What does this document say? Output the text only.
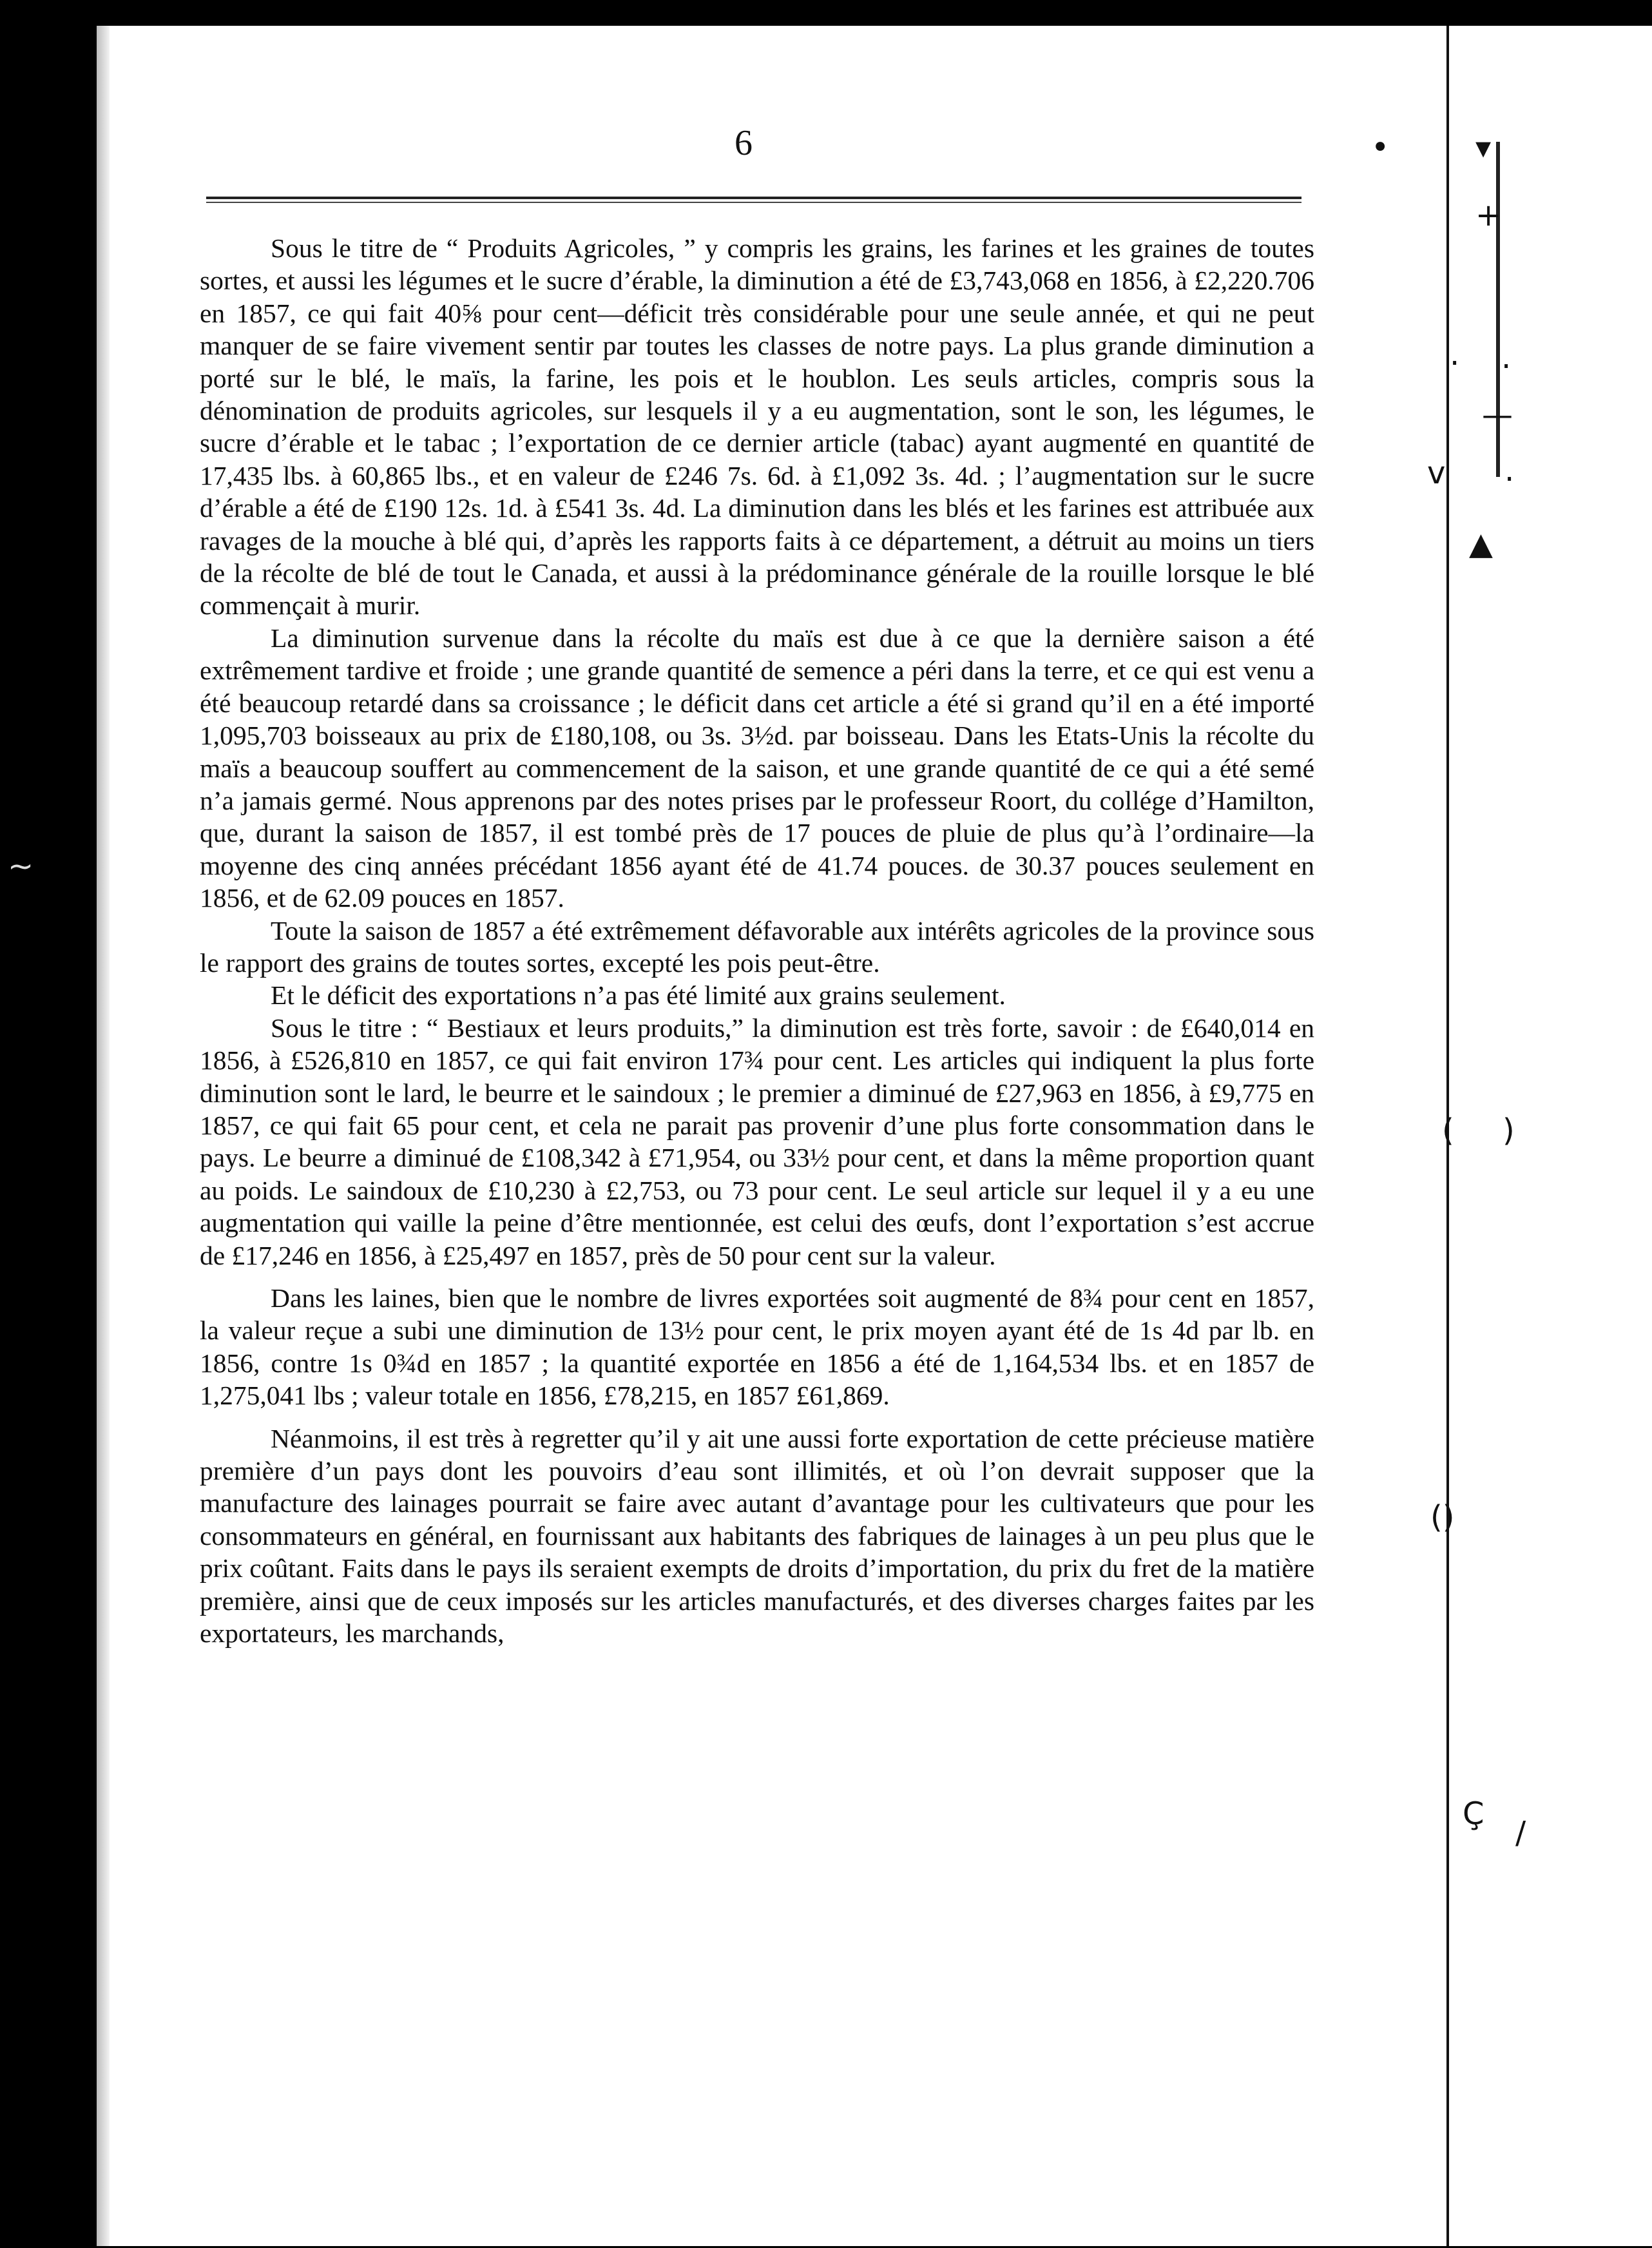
•	▾
+
· ·
—
v ·
▲
( )
()
Ç
/
~
6

Sous le titre de “ Produits Agricoles, ” y compris les grains, les farines et les graines de toutes sortes, et aussi les légumes et le sucre d’érable, la diminution a été de £3,743,068 en 1856, à £2,220.706 en 1857, ce qui fait 40⅝ pour cent—déficit très considérable pour une seule année, et qui ne peut manquer de se faire vivement sentir par toutes les classes de notre pays. La plus grande diminution a porté sur le blé, le maïs, la farine, les pois et le houblon. Les seuls articles, compris sous la dénomination de produits agricoles, sur lesquels il y a eu augmentation, sont le son, les légumes, le sucre d’érable et le tabac ; l’exportation de ce dernier article (tabac) ayant augmenté en quantité de 17,435 lbs. à 60,865 lbs., et en valeur de £246 7s. 6d. à £1,092 3s. 4d. ; l’augmentation sur le sucre d’érable a été de £190 12s. 1d. à £541 3s. 4d. La diminution dans les blés et les farines est attribuée aux ravages de la mouche à blé qui, d’après les rapports faits à ce département, a détruit au moins un tiers de la récolte de blé de tout le Canada, et aussi à la prédominance générale de la rouille lorsque le blé commençait à murir.

La diminution survenue dans la récolte du maïs est due à ce que la dernière saison a été extrêmement tardive et froide ; une grande quantité de semence a péri dans la terre, et ce qui est venu a été beaucoup retardé dans sa croissance ; le déficit dans cet article a été si grand qu’il en a été importé 1,095,703 boisseaux au prix de £180,108, ou 3s. 3½d. par boisseau. Dans les Etats-Unis la récolte du maïs a beaucoup souffert au commencement de la saison, et une grande quantité de ce qui a été semé n’a jamais germé. Nous apprenons par des notes prises par le professeur Roort, du collége d’Hamilton, que, durant la saison de 1857, il est tombé près de 17 pouces de pluie de plus qu’à l’ordinaire—la moyenne des cinq années précédant 1856 ayant été de 41.74 pouces. de 30.37 pouces seulement en 1856, et de 62.09 pouces en 1857.

Toute la saison de 1857 a été extrêmement défavorable aux intérêts agricoles de la province sous le rapport des grains de toutes sortes, excepté les pois peut-être.

Et le déficit des exportations n’a pas été limité aux grains seulement.

Sous le titre : “ Bestiaux et leurs produits,” la diminution est très forte, savoir : de £640,014 en 1856, à £526,810 en 1857, ce qui fait environ 17¾ pour cent. Les articles qui indiquent la plus forte diminution sont le lard, le beurre et le saindoux ; le premier a diminué de £27,963 en 1856, à £9,775 en 1857, ce qui fait 65 pour cent, et cela ne parait pas provenir d’une plus forte consommation dans le pays. Le beurre a diminué de £108,342 à £71,954, ou 33½ pour cent, et dans la même proportion quant au poids. Le saindoux de £10,230 à £2,753, ou 73 pour cent. Le seul article sur lequel il y a eu une augmentation qui vaille la peine d’être mentionnée, est celui des œufs, dont l’exportation s’est accrue de £17,246 en 1856, à £25,497 en 1857, près de 50 pour cent sur la valeur.

Dans les laines, bien que le nombre de livres exportées soit augmenté de 8¾ pour cent en 1857, la valeur reçue a subi une diminution de 13½ pour cent, le prix moyen ayant été de 1s 4d par lb. en 1856, contre 1s 0¾d en 1857 ; la quantité exportée en 1856 a été de 1,164,534 lbs. et en 1857 de 1,275,041 lbs ; valeur totale en 1856, £78,215, en 1857 £61,869.

Néanmoins, il est très à regretter qu’il y ait une aussi forte exportation de cette précieuse matière première d’un pays dont les pouvoirs d’eau sont illimités, et où l’on devrait supposer que la manufacture des lainages pourrait se faire avec autant d’avantage pour les cultivateurs que pour les consommateurs en général, en fournissant aux habitants des fabriques de lainages à un peu plus que le prix coûtant. Faits dans le pays ils seraient exempts de droits d’importation, du prix du fret de la matière première, ainsi que de ceux imposés sur les articles manufacturés, et des diverses charges faites par les exportateurs, les marchands,
